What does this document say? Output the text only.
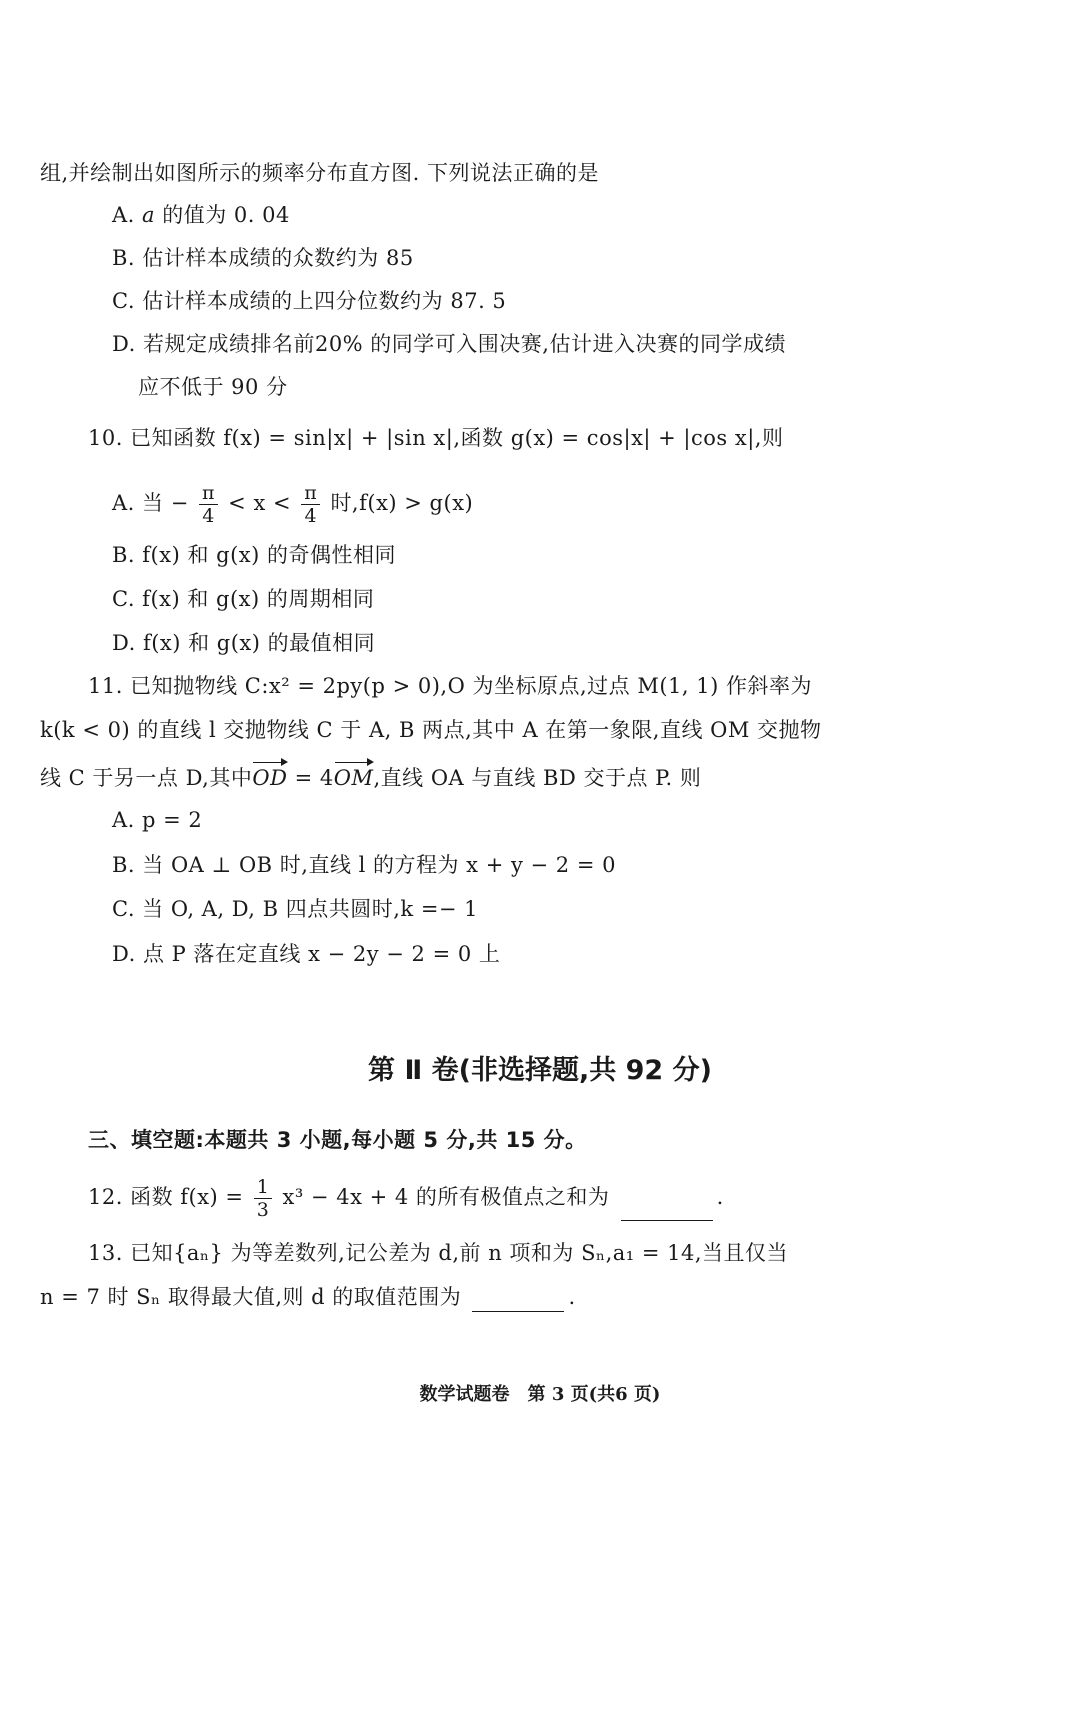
组,并绘制出如图所示的频率分布直方图. 下列说法正确的是
A. a 的值为 0. 04
B. 估计样本成绩的众数约为 85
C. 估计样本成绩的上四分位数约为 87. 5
D. 若规定成绩排名前20% 的同学可入围决赛,估计进入决赛的同学成绩
应不低于 90 分
10. 已知函数 f(x) = sin|x| + |sin x|,函数 g(x) = cos|x| + |cos x|,则
A. 当 − $\frac{\pi}{4} < x < \frac{\pi}{4}$ 时,f(x) > g(x)
B. f(x) 和 g(x) 的奇偶性相同
C. f(x) 和 g(x) 的周期相同
D. f(x) 和 g(x) 的最值相同
11. 已知抛物线 C:x² = 2py(p > 0),O 为坐标原点,过点 M(1, 1) 作斜率为
k(k < 0) 的直线 l 交抛物线 C 于 A, B 两点,其中 A 在第一象限,直线 OM 交抛物
线 C 于另一点 D,其中OD = 4OM,直线 OA 与直线 BD 交于点 P. 则
A. p = 2
B. 当 OA ⊥ OB 时,直线 l 的方程为 x + y − 2 = 0
C. 当 O, A, D, B 四点共圆时,k =− 1
D. 点 P 落在定直线 x − 2y − 2 = 0 上
第 Ⅱ 卷(非选择题,共 92 分)
三、填空题:本题共 3 小题,每小题 5 分,共 15 分。
12. 函数 $f(x) = \frac{1}{3} x^3 - 4x + 4$ 的所有极值点之和为	.
13. 已知{aₙ} 为等差数列,记公差为 d,前 n 项和为 Sₙ,a₁ = 14,当且仅当
n = 7 时 Sₙ 取得最大值,则 d 的取值范围为	.
数学试题卷　第 3 页(共6 页)
